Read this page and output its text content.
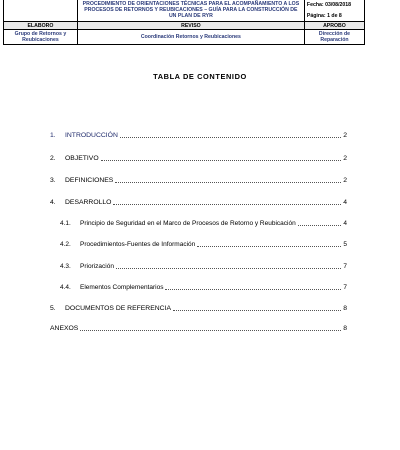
	PROCEDIMIENTO DE ORIENTACIONES TÉCNICAS PARA EL ACOMPAÑAMIENTO A LOS PROCESOS DE RETORNOS Y REUBICACIONES – GUÍA PARA LA CONSTRUCCIÓN DE UN PLAN DE RYR	Fecha: 03/08/2018
Página: 1 de 8

ELABORO	REVISO	APROBO
Grupo de Retornos y Reubicaciones	Coordinación Retornos y Reubicaciones	Dirección de Reparación
TABLA DE CONTENIDO
1.	INTRODUCCIÓN	2
2.	OBJETIVO	2
3.	DEFINICIONES	2
4.	DESARROLLO	4
4.1.	Principio de Seguridad en el Marco de Procesos de Retorno y Reubicación	4
4.2.	Procedimientos-Fuentes de Información	5
4.3.	Priorización	7
4.4.	Elementos Complementarios	7
5.	DOCUMENTOS DE REFERENCIA	8
ANEXOS	8
